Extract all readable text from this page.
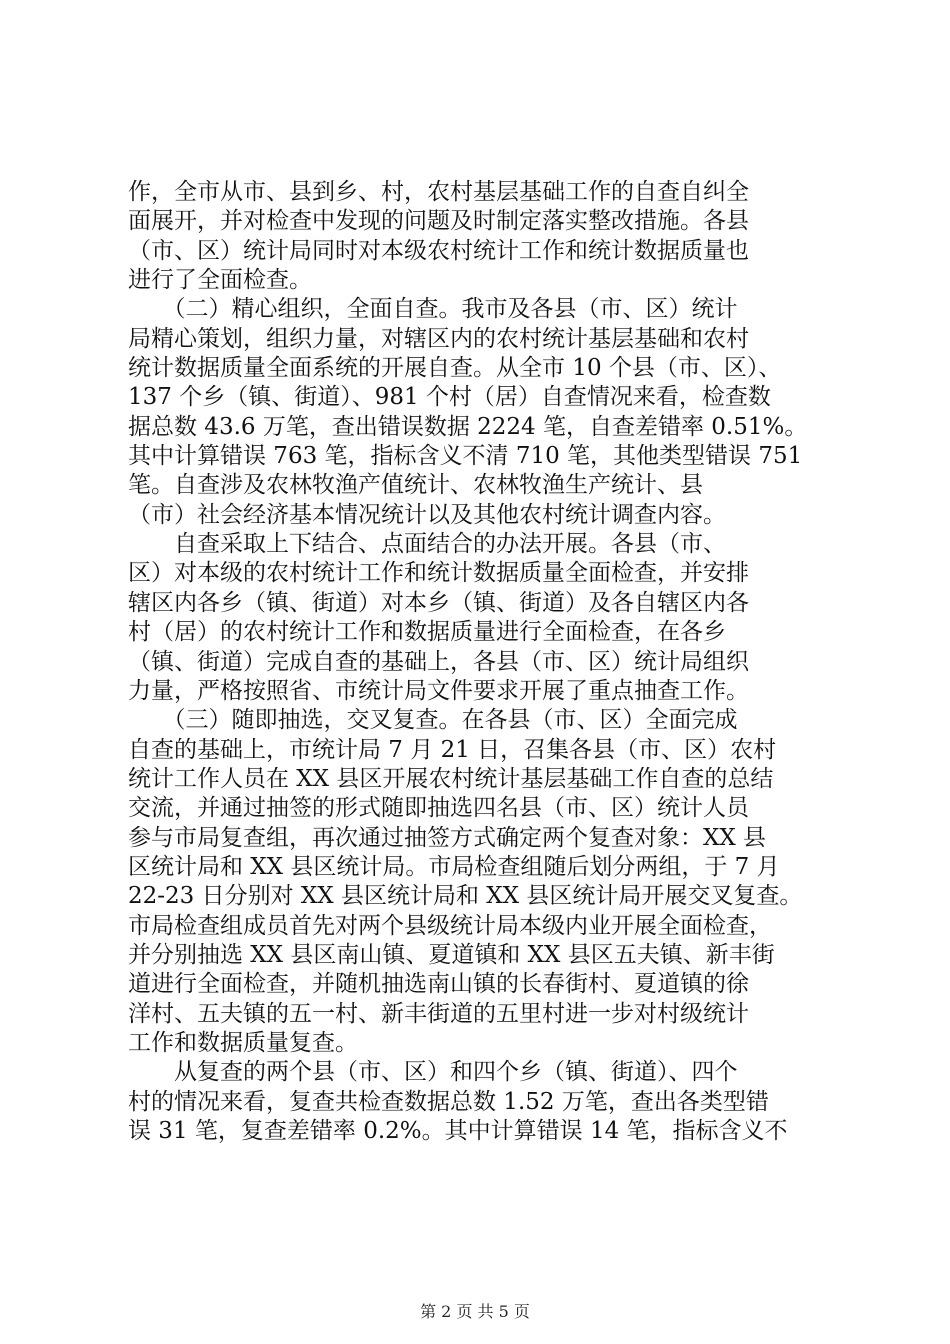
作，全市从市、县到乡、村，农村基层基础工作的自查自纠全
面展开，并对检查中发现的问题及时制定落实整改措施。各县
（市、区）统计局同时对本级农村统计工作和统计数据质量也
进行了全面检查。
　　（二）精心组织，全面自查。我市及各县（市、区）统计
局精心策划，组织力量，对辖区内的农村统计基层基础和农村
统计数据质量全面系统的开展自查。从全市 10 个县（市、区）、
137 个乡（镇、街道）、981 个村（居）自查情况来看，检查数
据总数 43.6 万笔，查出错误数据 2224 笔，自查差错率 0.51%。
其中计算错误 763 笔，指标含义不清 710 笔，其他类型错误 751
笔。自查涉及农林牧渔产值统计、农林牧渔生产统计、县
（市）社会经济基本情况统计以及其他农村统计调查内容。
　　自查采取上下结合、点面结合的办法开展。各县（市、
区）对本级的农村统计工作和统计数据质量全面检查，并安排
辖区内各乡（镇、街道）对本乡（镇、街道）及各自辖区内各
村（居）的农村统计工作和数据质量进行全面检查，在各乡
（镇、街道）完成自查的基础上，各县（市、区）统计局组织
力量，严格按照省、市统计局文件要求开展了重点抽查工作。
　　（三）随即抽选，交叉复查。在各县（市、区）全面完成
自查的基础上，市统计局 7 月 21 日，召集各县（市、区）农村
统计工作人员在 XX 县区开展农村统计基层基础工作自查的总结
交流，并通过抽签的形式随即抽选四名县（市、区）统计人员
参与市局复查组，再次通过抽签方式确定两个复查对象：XX 县
区统计局和 XX 县区统计局。市局检查组随后划分两组，于 7 月
22-23 日分别对 XX 县区统计局和 XX 县区统计局开展交叉复查。
市局检查组成员首先对两个县级统计局本级内业开展全面检查，
并分别抽选 XX 县区南山镇、夏道镇和 XX 县区五夫镇、新丰街
道进行全面检查，并随机抽选南山镇的长春街村、夏道镇的徐
洋村、五夫镇的五一村、新丰街道的五里村进一步对村级统计
工作和数据质量复查。
　　从复查的两个县（市、区）和四个乡（镇、街道）、四个
村的情况来看，复查共检查数据总数 1.52 万笔，查出各类型错
误 31 笔，复查差错率 0.2%。其中计算错误 14 笔，指标含义不
第 2 页 共 5 页
